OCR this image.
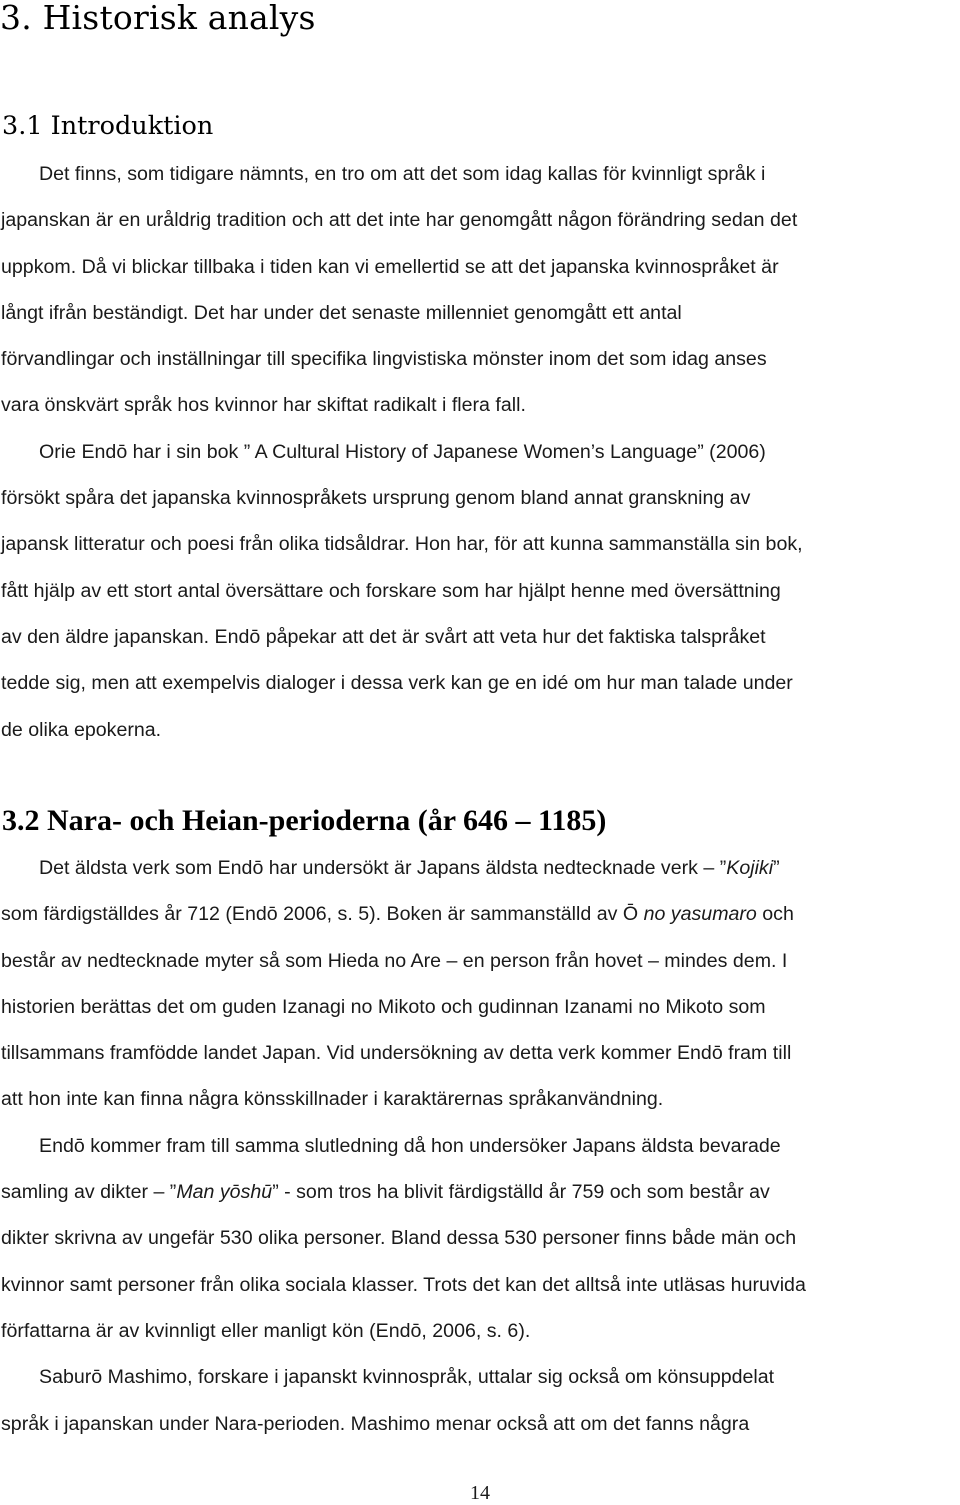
3. Historisk analys
3.1 Introduktion
Det finns, som tidigare nämnts, en tro om att det som idag kallas för kvinnligt språk i
japanskan är en uråldrig tradition och att det inte har genomgått någon förändring sedan det
uppkom. Då vi blickar tillbaka i tiden kan vi emellertid se att det japanska kvinnospråket är
långt ifrån beständigt. Det har under det senaste millenniet genomgått ett antal
förvandlingar och inställningar till specifika lingvistiska mönster inom det som idag anses
vara önskvärt språk hos kvinnor har skiftat radikalt i flera fall.
Orie Endō har i sin bok ” A Cultural History of Japanese Women’s Language” (2006)
försökt spåra det japanska kvinnospråkets ursprung genom bland annat granskning av
japansk litteratur och poesi från olika tidsåldrar. Hon har, för att kunna sammanställa sin bok,
fått hjälp av ett stort antal översättare och forskare som har hjälpt henne med översättning
av den äldre japanskan. Endō påpekar att det är svårt att veta hur det faktiska talspråket
tedde sig, men att exempelvis dialoger i dessa verk kan ge en idé om hur man talade under
de olika epokerna.
3.2 Nara- och Heian-perioderna (år 646 – 1185)
Det äldsta verk som Endō har undersökt är Japans äldsta nedtecknade verk – ”Kojiki”
som färdigställdes år 712 (Endō 2006, s. 5). Boken är sammanställd av Ō no yasumaro och
består av nedtecknade myter så som Hieda no Are – en person från hovet – mindes dem. I
historien berättas det om guden Izanagi no Mikoto och gudinnan Izanami no Mikoto som
tillsammans framfödde landet Japan. Vid undersökning av detta verk kommer Endō fram till
att hon inte kan finna några könsskillnader i karaktärernas språkanvändning.
Endō kommer fram till samma slutledning då hon undersöker Japans äldsta bevarade
samling av dikter – ”Man yōshū” - som tros ha blivit färdigställd år 759 och som består av
dikter skrivna av ungefär 530 olika personer. Bland dessa 530 personer finns både män och
kvinnor samt personer från olika sociala klasser. Trots det kan det alltså inte utläsas huruvida
författarna är av kvinnligt eller manligt kön (Endō, 2006, s. 6).
Saburō Mashimo, forskare i japanskt kvinnospråk, uttalar sig också om könsuppdelat
språk i japanskan under Nara-perioden. Mashimo menar också att om det fanns några

14
